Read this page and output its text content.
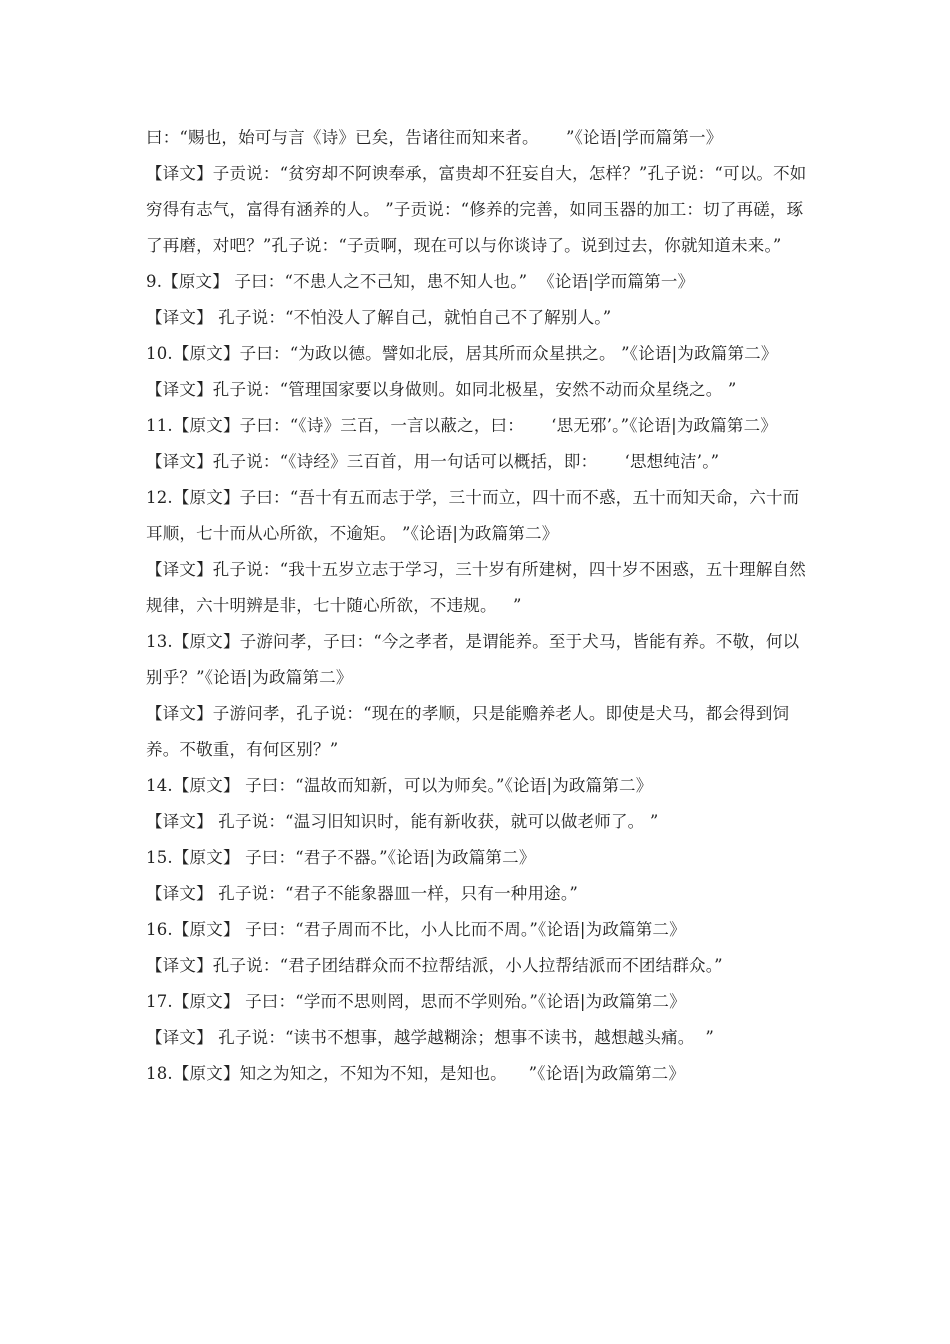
曰：“赐也，始可与言《诗》已矣，告诸往而知来者。     ”《论语|学而篇第一》

【译文】子贡说：“贫穷却不阿谀奉承，富贵却不狂妄自大，怎样？”孔子说：“可以。不如穷得有志气，富得有涵养的人。 ”子贡说：“修养的完善，如同玉器的加工：切了再磋，琢了再磨，对吧？”孔子说：“子贡啊，现在可以与你谈诗了。说到过去，你就知道未来。”

9.【原文】 子曰：“不患人之不己知，患不知人也。”  《论语|学而篇第一》

【译文】 孔子说：“不怕没人了解自己，就怕自己不了解别人。”

10.【原文】子曰：“为政以德。譬如北辰，居其所而众星拱之。 ”《论语|为政篇第二》

【译文】孔子说：“管理国家要以身做则。如同北极星，安然不动而众星绕之。 ”

11.【原文】子曰：“《诗》三百，一言以蔽之，曰：     ‘思无邪’。”《论语|为政篇第二》

【译文】孔子说：“《诗经》三百首，用一句话可以概括，即：     ‘思想纯洁’。”

12.【原文】子曰：“吾十有五而志于学，三十而立，四十而不惑，五十而知天命，六十而耳顺，七十而从心所欲，不逾矩。 ”《论语|为政篇第二》

【译文】孔子说：“我十五岁立志于学习，三十岁有所建树，四十岁不困惑，五十理解自然规律，六十明辨是非，七十随心所欲，不违规。   ”

13.【原文】子游问孝，子曰：“今之孝者，是谓能养。至于犬马，皆能有养。不敬，何以别乎？”《论语|为政篇第二》

【译文】子游问孝，孔子说：“现在的孝顺，只是能赡养老人。即使是犬马，都会得到饲养。不敬重，有何区别？”

14.【原文】 子曰：“温故而知新，可以为师矣。”《论语|为政篇第二》

【译文】 孔子说：“温习旧知识时，能有新收获，就可以做老师了。 ”

15.【原文】 子曰：“君子不器。”《论语|为政篇第二》

【译文】 孔子说：“君子不能象器皿一样，只有一种用途。”

16.【原文】 子曰：“君子周而不比，小人比而不周。”《论语|为政篇第二》

【译文】孔子说：“君子团结群众而不拉帮结派，小人拉帮结派而不团结群众。”

17.【原文】 子曰：“学而不思则罔，思而不学则殆。”《论语|为政篇第二》

【译文】 孔子说：“读书不想事，越学越糊涂；想事不读书，越想越头痛。  ”

18.【原文】知之为知之，不知为不知，是知也。    ”《论语|为政篇第二》
